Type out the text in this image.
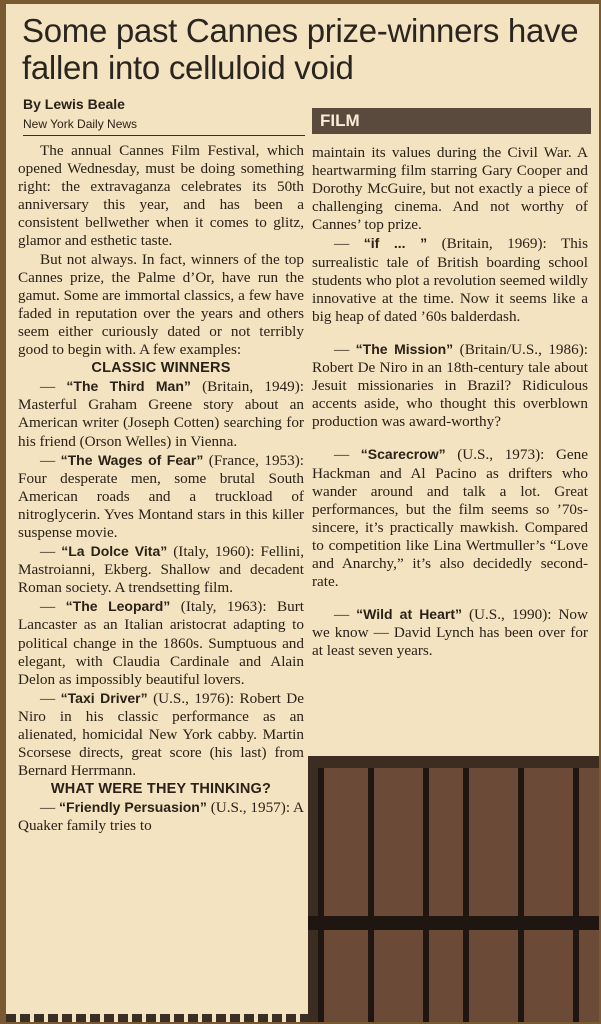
Some past Cannes prize-winners have fallen into celluloid void
By Lewis Beale
New York Daily News	FILM

The annual Cannes Film Festival, which opened Wednesday, must be doing something right: the extravaganza celebrates its 50th anniversary this year, and has been a consistent bellwether when it comes to glitz, glamor and esthetic taste.

But not always. In fact, winners of the top Cannes prize, the Palme d’Or, have run the gamut. Some are immortal classics, a few have faded in reputation over the years and others seem either curiously dated or not terribly good to begin with. A few examples:

CLASSIC WINNERS

— “The Third Man” (Britain, 1949): Masterful Graham Greene story about an American writer (Joseph Cotten) searching for his friend (Orson Welles) in Vienna.

— “The Wages of Fear” (France, 1953): Four desperate men, some brutal South American roads and a truckload of nitroglycerin. Yves Montand stars in this killer suspense movie.

— “La Dolce Vita” (Italy, 1960): Fellini, Mastroianni, Ekberg. Shallow and decadent Roman society. A trendsetting film.

— “The Leopard” (Italy, 1963): Burt Lancaster as an Italian aristocrat adapting to political change in the 1860s. Sumptuous and elegant, with Claudia Cardinale and Alain Delon as impossibly beautiful lovers.

— “Taxi Driver” (U.S., 1976): Robert De Niro in his classic performance as an alienated, homicidal New York cabby. Martin Scorsese directs, great score (his last) from Bernard Herrmann.

WHAT WERE THEY THINKING?

— “Friendly Persuasion” (U.S., 1957): A Quaker family tries to

maintain its values during the Civil War. A heartwarming film starring Gary Cooper and Dorothy McGuire, but not exactly a piece of challenging cinema. And not worthy of Cannes’ top prize.

— “if ... ” (Britain, 1969): This surrealistic tale of British boarding school students who plot a revolution seemed wildly innovative at the time. Now it seems like a big heap of dated ’60s balderdash.

— “The Mission” (Britain/U.S., 1986): Robert De Niro in an 18th-century tale about Jesuit missionaries in Brazil? Ridiculous accents aside, who thought this overblown production was award-worthy?

— “Scarecrow” (U.S., 1973): Gene Hackman and Al Pacino as drifters who wander around and talk a lot. Great performances, but the film seems so ’70s-sincere, it’s practically mawkish. Compared to competition like Lina Wertmuller’s “Love and Anarchy,” it’s also decidedly second-rate.

— “Wild at Heart” (U.S., 1990): Now we know — David Lynch has been over for at least seven years.
